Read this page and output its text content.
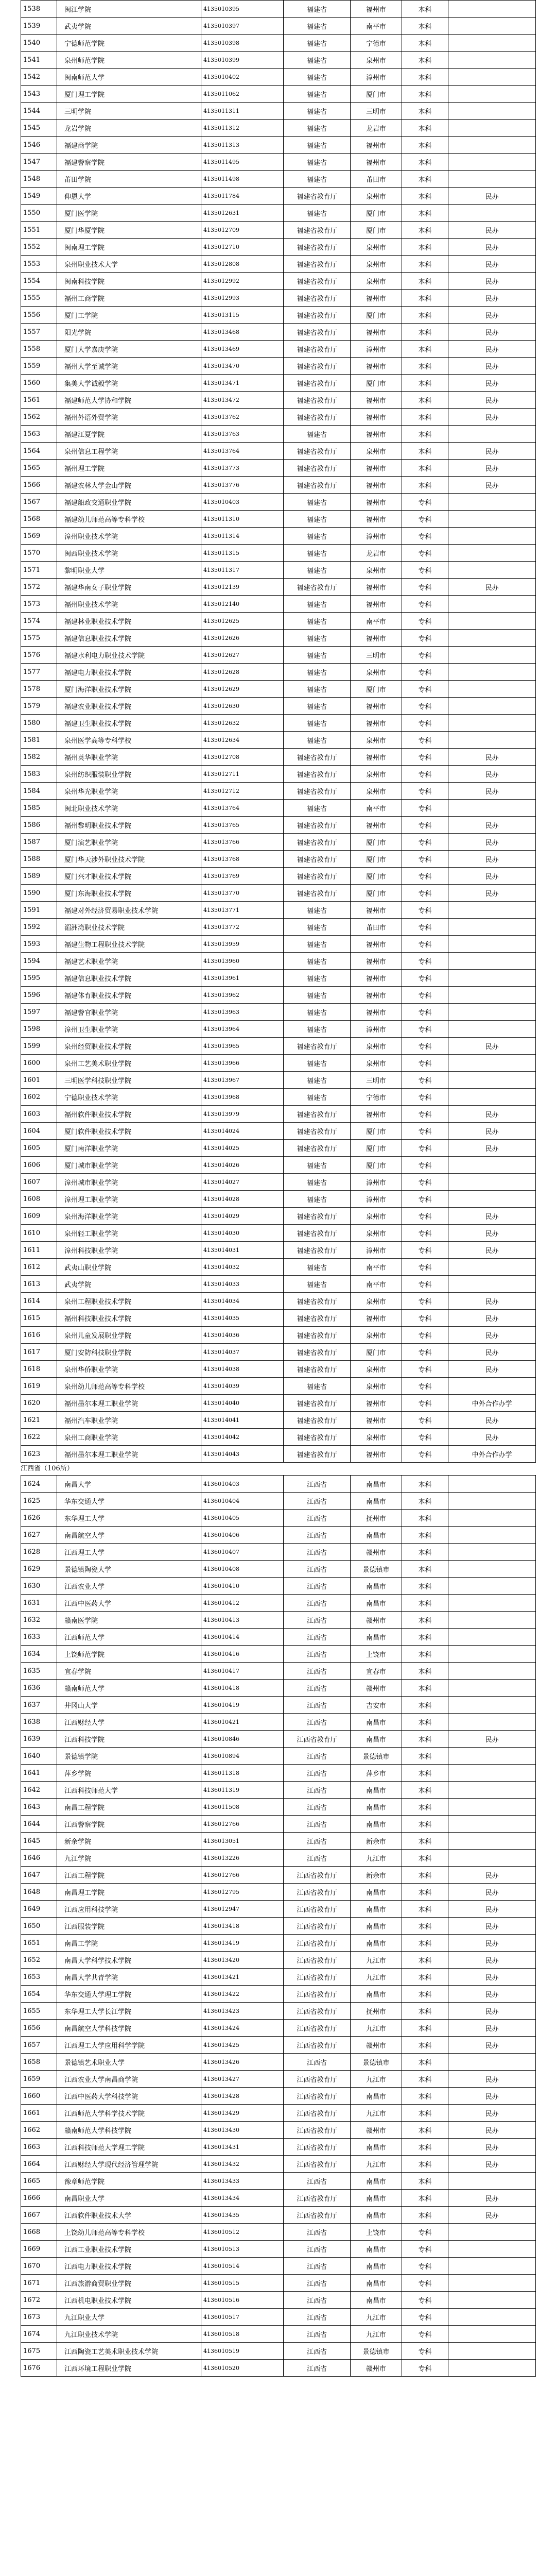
1538	闽江学院	4135010395	福建省	福州市	本科	
1539	武夷学院	4135010397	福建省	南平市	本科	
1540	宁德师范学院	4135010398	福建省	宁德市	本科	
1541	泉州师范学院	4135010399	福建省	泉州市	本科	
1542	闽南师范大学	4135010402	福建省	漳州市	本科	
1543	厦门理工学院	4135011062	福建省	厦门市	本科	
1544	三明学院	4135011311	福建省	三明市	本科	
1545	龙岩学院	4135011312	福建省	龙岩市	本科	
1546	福建商学院	4135011313	福建省	福州市	本科	
1547	福建警察学院	4135011495	福建省	福州市	本科	
1548	莆田学院	4135011498	福建省	莆田市	本科	
1549	仰恩大学	4135011784	福建省教育厅	泉州市	本科	民办
1550	厦门医学院	4135012631	福建省	厦门市	本科	
1551	厦门华厦学院	4135012709	福建省教育厅	厦门市	本科	民办
1552	闽南理工学院	4135012710	福建省教育厅	泉州市	本科	民办
1553	泉州职业技术大学	4135012808	福建省教育厅	泉州市	本科	民办
1554	闽南科技学院	4135012992	福建省教育厅	泉州市	本科	民办
1555	福州工商学院	4135012993	福建省教育厅	福州市	本科	民办
1556	厦门工学院	4135013115	福建省教育厅	厦门市	本科	民办
1557	阳光学院	4135013468	福建省教育厅	福州市	本科	民办
1558	厦门大学嘉庚学院	4135013469	福建省教育厅	漳州市	本科	民办
1559	福州大学至诚学院	4135013470	福建省教育厅	福州市	本科	民办
1560	集美大学诚毅学院	4135013471	福建省教育厅	厦门市	本科	民办
1561	福建师范大学协和学院	4135013472	福建省教育厅	福州市	本科	民办
1562	福州外语外贸学院	4135013762	福建省教育厅	福州市	本科	民办
1563	福建江夏学院	4135013763	福建省	福州市	本科	
1564	泉州信息工程学院	4135013764	福建省教育厅	泉州市	本科	民办
1565	福州理工学院	4135013773	福建省教育厅	福州市	本科	民办
1566	福建农林大学金山学院	4135013776	福建省教育厅	福州市	本科	民办
1567	福建船政交通职业学院	4135010403	福建省	福州市	专科	
1568	福建幼儿师范高等专科学校	4135011310	福建省	福州市	专科	
1569	漳州职业技术学院	4135011314	福建省	漳州市	专科	
1570	闽西职业技术学院	4135011315	福建省	龙岩市	专科	
1571	黎明职业大学	4135011317	福建省	泉州市	专科	
1572	福建华南女子职业学院	4135012139	福建省教育厅	福州市	专科	民办
1573	福州职业技术学院	4135012140	福建省	福州市	专科	
1574	福建林业职业技术学院	4135012625	福建省	南平市	专科	
1575	福建信息职业技术学院	4135012626	福建省	福州市	专科	
1576	福建水利电力职业技术学院	4135012627	福建省	三明市	专科	
1577	福建电力职业技术学院	4135012628	福建省	泉州市	专科	
1578	厦门海洋职业技术学院	4135012629	福建省	厦门市	专科	
1579	福建农业职业技术学院	4135012630	福建省	福州市	专科	
1580	福建卫生职业技术学院	4135012632	福建省	福州市	专科	
1581	泉州医学高等专科学校	4135012634	福建省	泉州市	专科	
1582	福州英华职业学院	4135012708	福建省教育厅	福州市	专科	民办
1583	泉州纺织服装职业学院	4135012711	福建省教育厅	泉州市	专科	民办
1584	泉州华光职业学院	4135012712	福建省教育厅	泉州市	专科	民办
1585	闽北职业技术学院	4135013764	福建省	南平市	专科	
1586	福州黎明职业技术学院	4135013765	福建省教育厅	福州市	专科	民办
1587	厦门演艺职业学院	4135013766	福建省教育厅	厦门市	专科	民办
1588	厦门华天涉外职业技术学院	4135013768	福建省教育厅	厦门市	专科	民办
1589	厦门兴才职业技术学院	4135013769	福建省教育厅	厦门市	专科	民办
1590	厦门东海职业技术学院	4135013770	福建省教育厅	厦门市	专科	民办
1591	福建对外经济贸易职业技术学院	4135013771	福建省	福州市	专科	
1592	湄洲湾职业技术学院	4135013772	福建省	莆田市	专科	
1593	福建生物工程职业技术学院	4135013959	福建省	福州市	专科	
1594	福建艺术职业学院	4135013960	福建省	福州市	专科	
1595	福建信息职业技术学院	4135013961	福建省	福州市	专科	
1596	福建体育职业技术学院	4135013962	福建省	福州市	专科	
1597	福建警官职业学院	4135013963	福建省	福州市	专科	
1598	漳州卫生职业学院	4135013964	福建省	漳州市	专科	
1599	泉州经贸职业技术学院	4135013965	福建省教育厅	泉州市	专科	民办
1600	泉州工艺美术职业学院	4135013966	福建省	泉州市	专科	
1601	三明医学科技职业学院	4135013967	福建省	三明市	专科	
1602	宁德职业技术学院	4135013968	福建省	宁德市	专科	
1603	福州软件职业技术学院	4135013979	福建省教育厅	福州市	专科	民办
1604	厦门软件职业技术学院	4135014024	福建省教育厅	厦门市	专科	民办
1605	厦门南洋职业学院	4135014025	福建省教育厅	厦门市	专科	民办
1606	厦门城市职业学院	4135014026	福建省	厦门市	专科	
1607	漳州城市职业学院	4135014027	福建省	漳州市	专科	
1608	漳州理工职业学院	4135014028	福建省	漳州市	专科	
1609	泉州海洋职业学院	4135014029	福建省教育厅	泉州市	专科	民办
1610	泉州轻工职业学院	4135014030	福建省教育厅	泉州市	专科	民办
1611	漳州科技职业学院	4135014031	福建省教育厅	漳州市	专科	民办
1612	武夷山职业学院	4135014032	福建省	南平市	专科	
1613	武夷学院	4135014033	福建省	南平市	专科	
1614	泉州工程职业技术学院	4135014034	福建省教育厅	泉州市	专科	民办
1615	福州科技职业技术学院	4135014035	福建省教育厅	福州市	专科	民办
1616	泉州儿童发展职业学院	4135014036	福建省教育厅	泉州市	专科	民办
1617	厦门安防科技职业学院	4135014037	福建省教育厅	厦门市	专科	民办
1618	泉州华侨职业学院	4135014038	福建省教育厅	泉州市	专科	民办
1619	泉州幼儿师范高等专科学校	4135014039	福建省	泉州市	专科	
1620	福州墨尔本理工职业学院	4135014040	福建省教育厅	福州市	专科	中外合作办学
1621	福州汽车职业学院	4135014041	福建省教育厅	福州市	专科	民办
1622	泉州工商职业学院	4135014042	福建省教育厅	泉州市	专科	民办
1623	福州墨尔本理工职业学院	4135014043	福建省教育厅	福州市	专科	中外合作办学
江西省（106所）
1624	南昌大学	4136010403	江西省	南昌市	本科	
1625	华东交通大学	4136010404	江西省	南昌市	本科	
1626	东华理工大学	4136010405	江西省	抚州市	本科	
1627	南昌航空大学	4136010406	江西省	南昌市	本科	
1628	江西理工大学	4136010407	江西省	赣州市	本科	
1629	景德镇陶瓷大学	4136010408	江西省	景德镇市	本科	
1630	江西农业大学	4136010410	江西省	南昌市	本科	
1631	江西中医药大学	4136010412	江西省	南昌市	本科	
1632	赣南医学院	4136010413	江西省	赣州市	本科	
1633	江西师范大学	4136010414	江西省	南昌市	本科	
1634	上饶师范学院	4136010416	江西省	上饶市	本科	
1635	宜春学院	4136010417	江西省	宜春市	本科	
1636	赣南师范大学	4136010418	江西省	赣州市	本科	
1637	井冈山大学	4136010419	江西省	吉安市	本科	
1638	江西财经大学	4136010421	江西省	南昌市	本科	
1639	江西科技学院	4136010846	江西省教育厅	南昌市	本科	民办
1640	景德镇学院	4136010894	江西省	景德镇市	本科	
1641	萍乡学院	4136011318	江西省	萍乡市	本科	
1642	江西科技师范大学	4136011319	江西省	南昌市	本科	
1643	南昌工程学院	4136011508	江西省	南昌市	本科	
1644	江西警察学院	4136012766	江西省	南昌市	本科	
1645	新余学院	4136013051	江西省	新余市	本科	
1646	九江学院	4136013226	江西省	九江市	本科	
1647	江西工程学院	4136012766	江西省教育厅	新余市	本科	民办
1648	南昌理工学院	4136012795	江西省教育厅	南昌市	本科	民办
1649	江西应用科技学院	4136012947	江西省教育厅	南昌市	本科	民办
1650	江西服装学院	4136013418	江西省教育厅	南昌市	本科	民办
1651	南昌工学院	4136013419	江西省教育厅	南昌市	本科	民办
1652	南昌大学科学技术学院	4136013420	江西省教育厅	九江市	本科	民办
1653	南昌大学共青学院	4136013421	江西省教育厅	九江市	本科	民办
1654	华东交通大学理工学院	4136013422	江西省教育厅	南昌市	本科	民办
1655	东华理工大学长江学院	4136013423	江西省教育厅	抚州市	本科	民办
1656	南昌航空大学科技学院	4136013424	江西省教育厅	九江市	本科	民办
1657	江西理工大学应用科学学院	4136013425	江西省教育厅	赣州市	本科	民办
1658	景德镇艺术职业大学	4136013426	江西省	景德镇市	本科	
1659	江西农业大学南昌商学院	4136013427	江西省教育厅	九江市	本科	民办
1660	江西中医药大学科技学院	4136013428	江西省教育厅	南昌市	本科	民办
1661	江西师范大学科学技术学院	4136013429	江西省教育厅	九江市	本科	民办
1662	赣南师范大学科技学院	4136013430	江西省教育厅	赣州市	本科	民办
1663	江西科技师范大学理工学院	4136013431	江西省教育厅	南昌市	本科	民办
1664	江西财经大学现代经济管理学院	4136013432	江西省教育厅	九江市	本科	民办
1665	豫章师范学院	4136013433	江西省	南昌市	本科	
1666	南昌职业大学	4136013434	江西省教育厅	南昌市	本科	民办
1667	江西软件职业技术大学	4136013435	江西省教育厅	南昌市	本科	民办
1668	上饶幼儿师范高等专科学校	4136010512	江西省	上饶市	专科	
1669	江西工业职业技术学院	4136010513	江西省	南昌市	专科	
1670	江西电力职业技术学院	4136010514	江西省	南昌市	专科	
1671	江西旅游商贸职业学院	4136010515	江西省	南昌市	专科	
1672	江西机电职业技术学院	4136010516	江西省	南昌市	专科	
1673	九江职业大学	4136010517	江西省	九江市	专科	
1674	九江职业技术学院	4136010518	江西省	九江市	专科	
1675	江西陶瓷工艺美术职业技术学院	4136010519	江西省	景德镇市	专科	
1676	江西环境工程职业学院	4136010520	江西省	赣州市	专科	
